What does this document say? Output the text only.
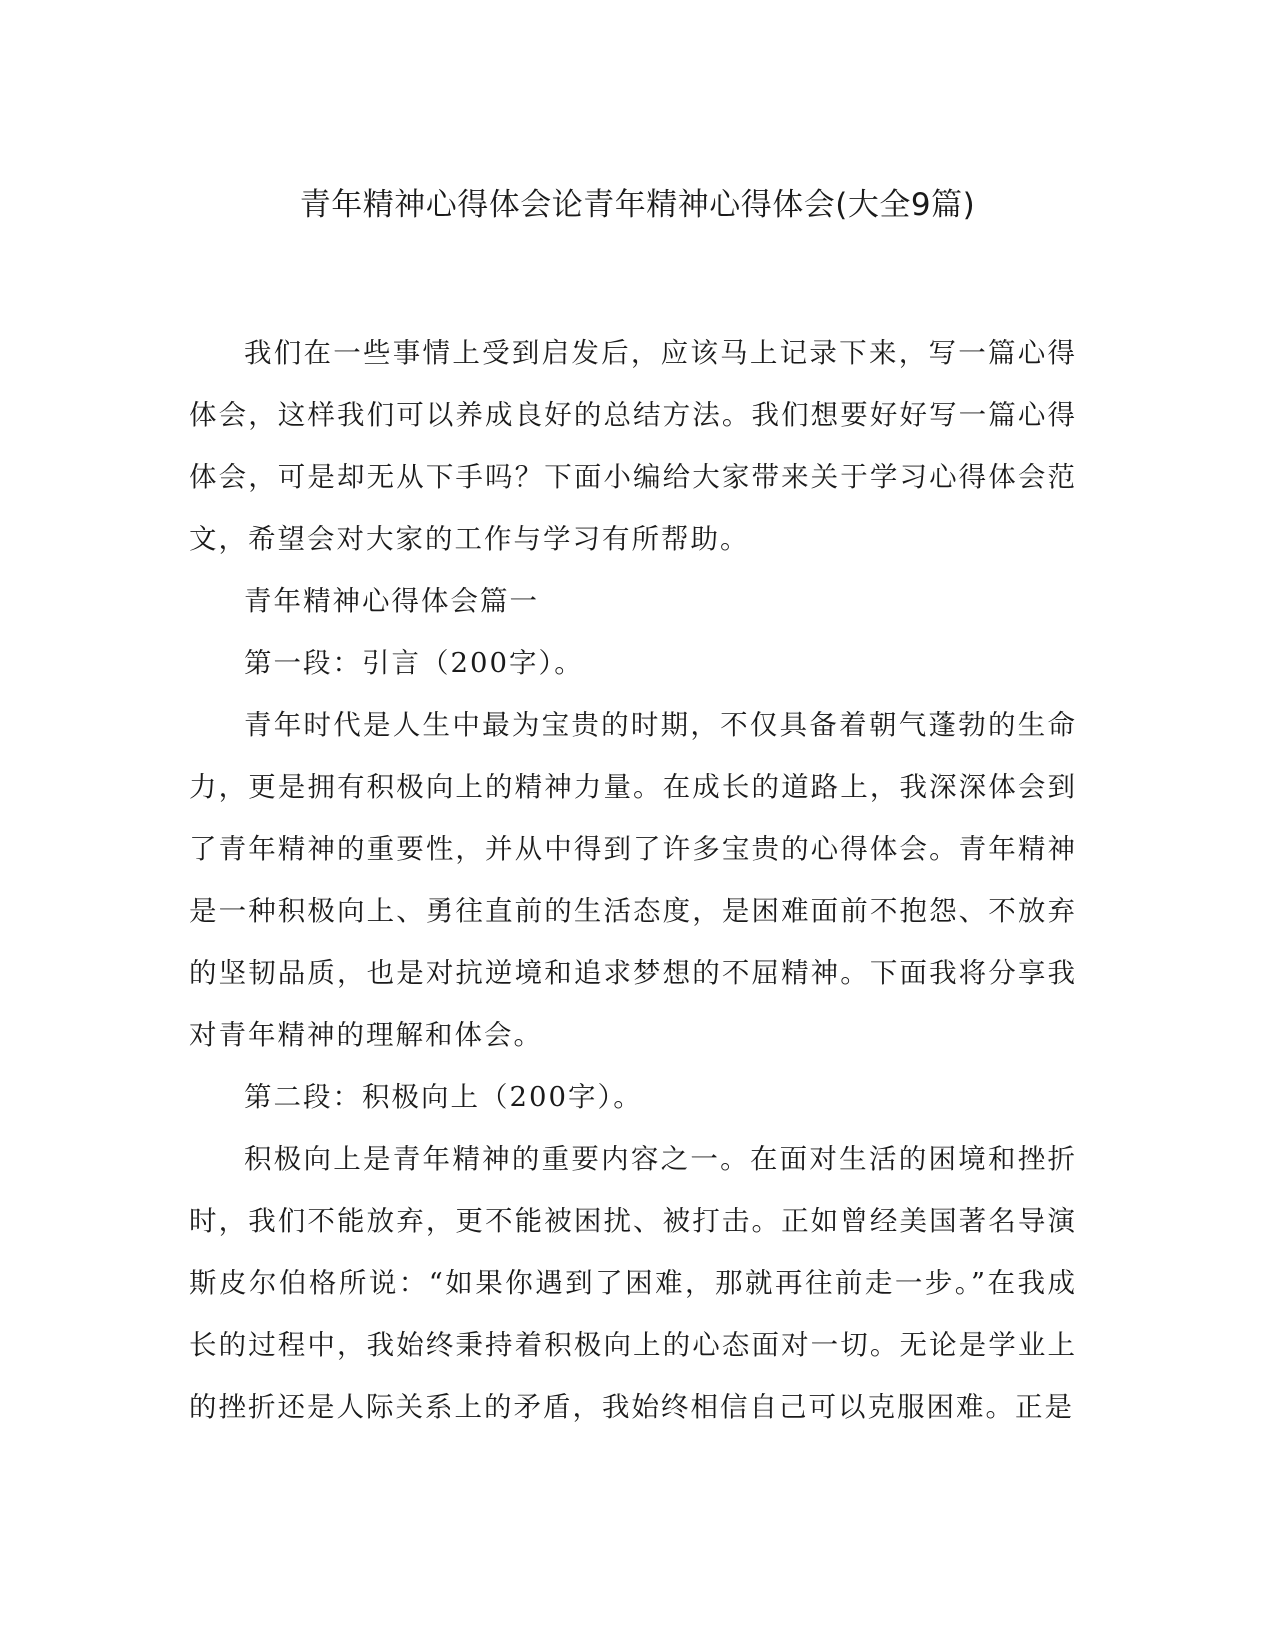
青年精神心得体会论青年精神心得体会(大全9篇)

我们在一些事情上受到启发后，应该马上记录下来，写一篇心得体会，这样我们可以养成良好的总结方法。我们想要好好写一篇心得体会，可是却无从下手吗？下面小编给大家带来关于学习心得体会范文，希望会对大家的工作与学习有所帮助。

青年精神心得体会篇一

第一段：引言（200字）。

青年时代是人生中最为宝贵的时期，不仅具备着朝气蓬勃的生命力，更是拥有积极向上的精神力量。在成长的道路上，我深深体会到了青年精神的重要性，并从中得到了许多宝贵的心得体会。青年精神是一种积极向上、勇往直前的生活态度，是困难面前不抱怨、不放弃的坚韧品质，也是对抗逆境和追求梦想的不屈精神。下面我将分享我对青年精神的理解和体会。

第二段：积极向上（200字）。

积极向上是青年精神的重要内容之一。在面对生活的困境和挫折时，我们不能放弃，更不能被困扰、被打击。正如曾经美国著名导演斯皮尔伯格所说：“如果你遇到了困难，那就再往前走一步。”在我成长的过程中，我始终秉持着积极向上的心态面对一切。无论是学业上的挫折还是人际关系上的矛盾，我始终相信自己可以克服困难。正是
